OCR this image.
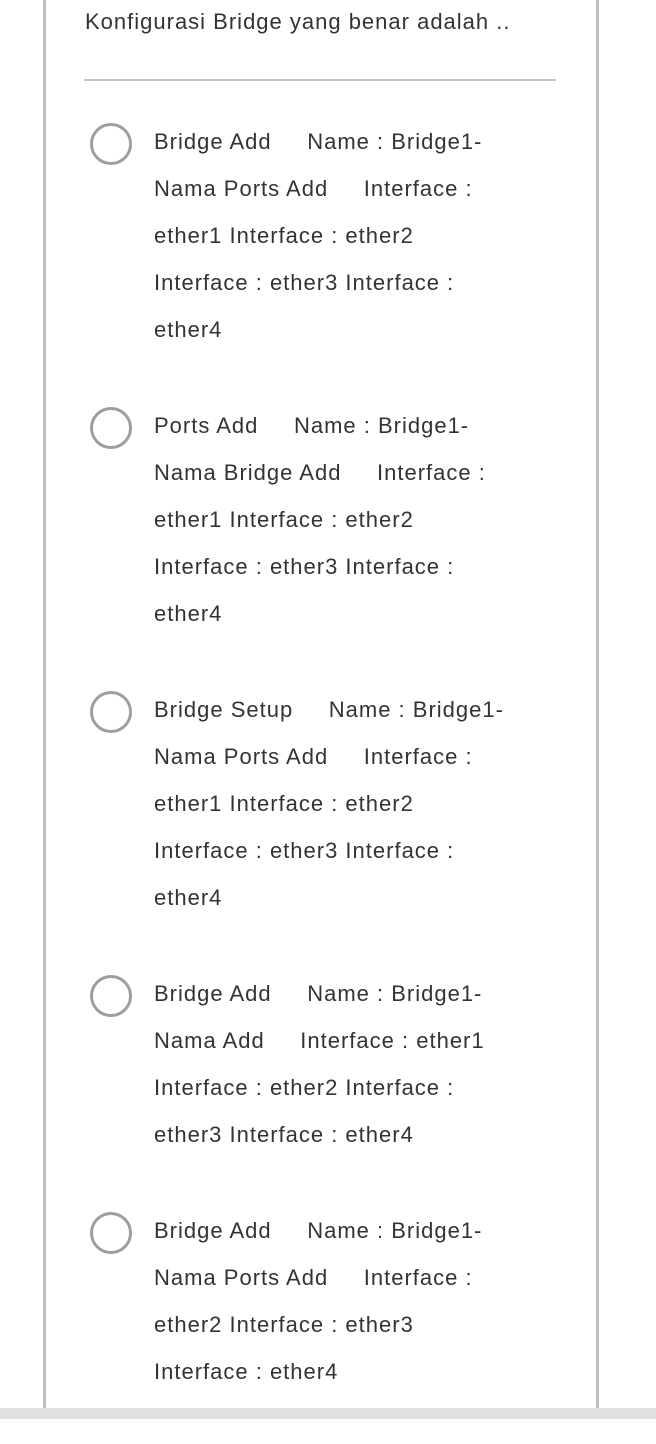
Konfigurasi Bridge yang benar adalah ..
Bridge Add     Name : Bridge1-
Nama Ports Add     Interface :
ether1 Interface : ether2
Interface : ether3 Interface :
ether4
Ports Add     Name : Bridge1-
Nama Bridge Add     Interface :
ether1 Interface : ether2
Interface : ether3 Interface :
ether4
Bridge Setup     Name : Bridge1-
Nama Ports Add     Interface :
ether1 Interface : ether2
Interface : ether3 Interface :
ether4
Bridge Add     Name : Bridge1-
Nama Add     Interface : ether1
Interface : ether2 Interface :
ether3 Interface : ether4
Bridge Add     Name : Bridge1-
Nama Ports Add     Interface :
ether2 Interface : ether3
Interface : ether4
